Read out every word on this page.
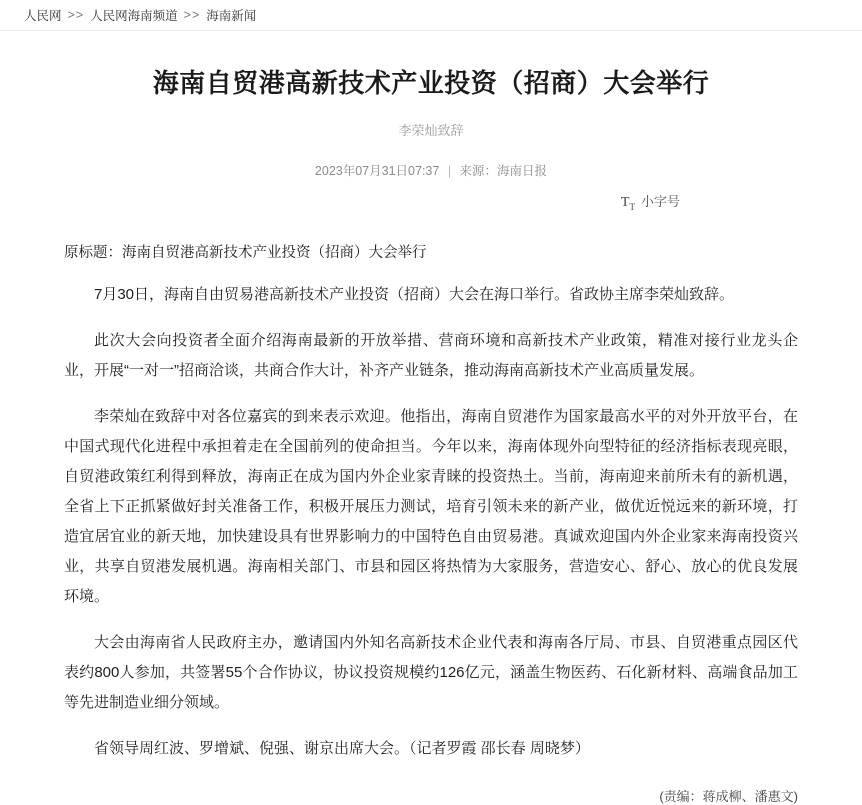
人民网 >> 人民网海南频道 >> 海南新闻
海南自贸港高新技术产业投资（招商）大会举行
李荣灿致辞
2023年07月31日07:37 | 来源：海南日报
$T_T$ 小字号
原标题：海南自贸港高新技术产业投资（招商）大会举行

7月30日，海南自由贸易港高新技术产业投资（招商）大会在海口举行。省政协主席李荣灿致辞。

此次大会向投资者全面介绍海南最新的开放举措、营商环境和高新技术产业政策，精准对接行业龙头企业，开展“一对一”招商洽谈，共商合作大计，补齐产业链条，推动海南高新技术产业高质量发展。

李荣灿在致辞中对各位嘉宾的到来表示欢迎。他指出，海南自贸港作为国家最高水平的对外开放平台，在中国式现代化进程中承担着走在全国前列的使命担当。今年以来，海南体现外向型特征的经济指标表现亮眼，自贸港政策红利得到释放，海南正在成为国内外企业家青睐的投资热土。当前，海南迎来前所未有的新机遇，全省上下正抓紧做好封关准备工作，积极开展压力测试，培育引领未来的新产业，做优近悦远来的新环境，打造宜居宜业的新天地，加快建设具有世界影响力的中国特色自由贸易港。真诚欢迎国内外企业家来海南投资兴业，共享自贸港发展机遇。海南相关部门、市县和园区将热情为大家服务，营造安心、舒心、放心的优良发展环境。

大会由海南省人民政府主办，邀请国内外知名高新技术企业代表和海南各厅局、市县、自贸港重点园区代表约800人参加，共签署55个合作协议，协议投资规模约126亿元，涵盖生物医药、石化新材料、高端食品加工等先进制造业细分领域。

省领导周红波、罗增斌、倪强、谢京出席大会。（记者罗霞 邵长春 周晓梦）

(责编：蒋成柳、潘惠文)
